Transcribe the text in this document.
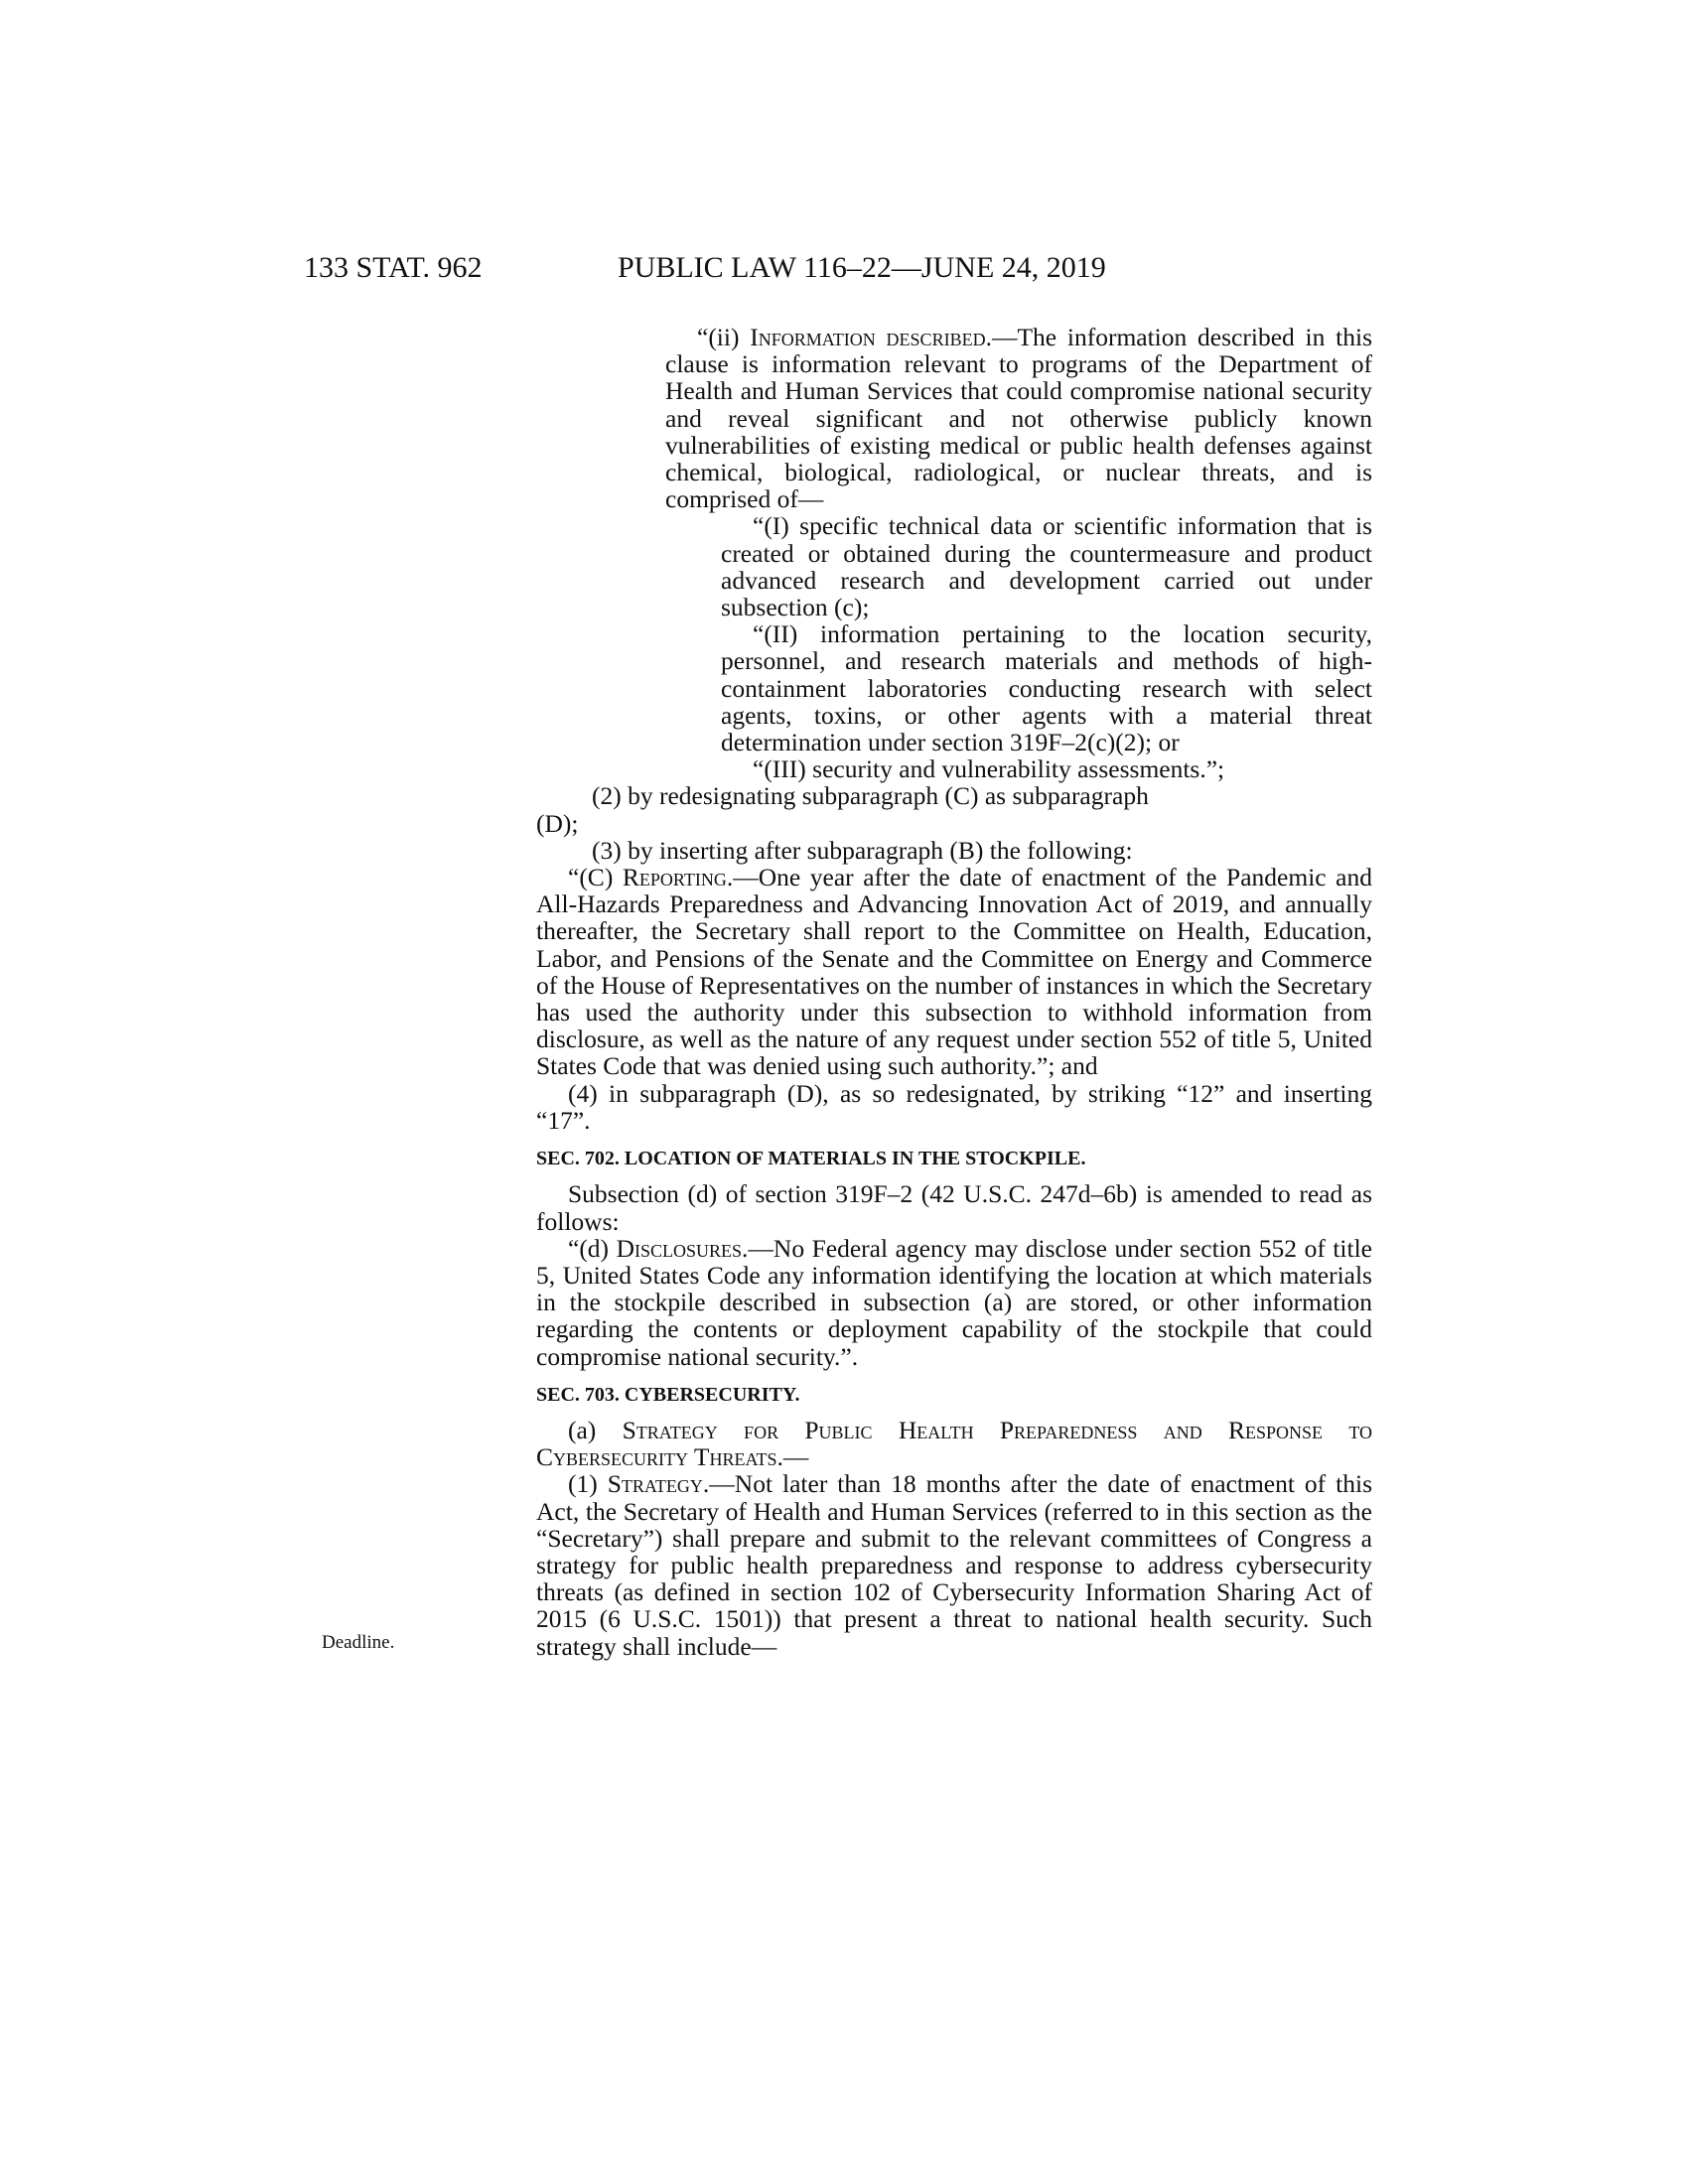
133 STAT. 962	PUBLIC LAW 116–22—JUNE 24, 2019
Deadline.

“(ii) Information described.—The information described in this clause is information relevant to programs of the Department of Health and Human Services that could compromise national security and reveal significant and not otherwise publicly known vulnerabilities of existing medical or public health defenses against chemical, biological, radiological, or nuclear threats, and is comprised of—

“(I) specific technical data or scientific information that is created or obtained during the countermeasure and product advanced research and development carried out under subsection (c);

“(II) information pertaining to the location security, personnel, and research materials and methods of high-containment laboratories conducting research with select agents, toxins, or other agents with a material threat determination under section 319F–2(c)(2); or

“(III) security and vulnerability assessments.”;

(2) by redesignating subparagraph (C) as subparagraph

(D);

(3) by inserting after subparagraph (B) the following:

“(C) Reporting.—One year after the date of enactment of the Pandemic and All-Hazards Preparedness and Advancing Innovation Act of 2019, and annually thereafter, the Secretary shall report to the Committee on Health, Education, Labor, and Pensions of the Senate and the Committee on Energy and Commerce of the House of Representatives on the number of instances in which the Secretary has used the authority under this subsection to withhold information from disclosure, as well as the nature of any request under section 552 of title 5, United States Code that was denied using such authority.”; and

(4) in subparagraph (D), as so redesignated, by striking “12” and inserting “17”.

SEC. 702. LOCATION OF MATERIALS IN THE STOCKPILE.

Subsection (d) of section 319F–2 (42 U.S.C. 247d–6b) is amended to read as follows:

“(d) Disclosures.—No Federal agency may disclose under section 552 of title 5, United States Code any information identifying the location at which materials in the stockpile described in subsection (a) are stored, or other information regarding the contents or deployment capability of the stockpile that could compromise national security.”.

SEC. 703. CYBERSECURITY.

(a) Strategy for Public Health Preparedness and Response to Cybersecurity Threats.—

(1) Strategy.—Not later than 18 months after the date of enactment of this Act, the Secretary of Health and Human Services (referred to in this section as the “Secretary”) shall prepare and submit to the relevant committees of Congress a strategy for public health preparedness and response to address cybersecurity threats (as defined in section 102 of Cybersecurity Information Sharing Act of 2015 (6 U.S.C. 1501)) that present a threat to national health security. Such strategy shall include—
